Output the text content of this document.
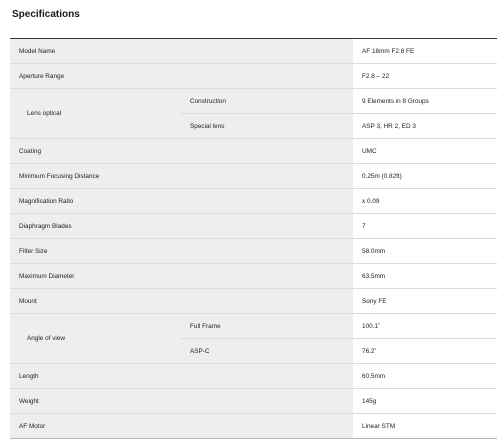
Specifications
Model Name		AF 18mm F2.8 FE
Aperture Range		F2.8 – 22
Lens optical	Construction	9 Elements in 8 Groups
	Special lens	ASP 3, HR 2, ED 3
Coating		UMC
Minimum Focusing Distance		0.25m (0.82ft)
Magnification Ratio		x 0.09
Diaphragm Blades		7
Filter Size		58.0mm
Maximum Diameter		63.5mm
Mount		Sony FE
Angle of view	Full Frame	100.1˚
	ASP-C	76.2˚
Length		60.5mm
Weight		145g
AF Motor		Linear STM
